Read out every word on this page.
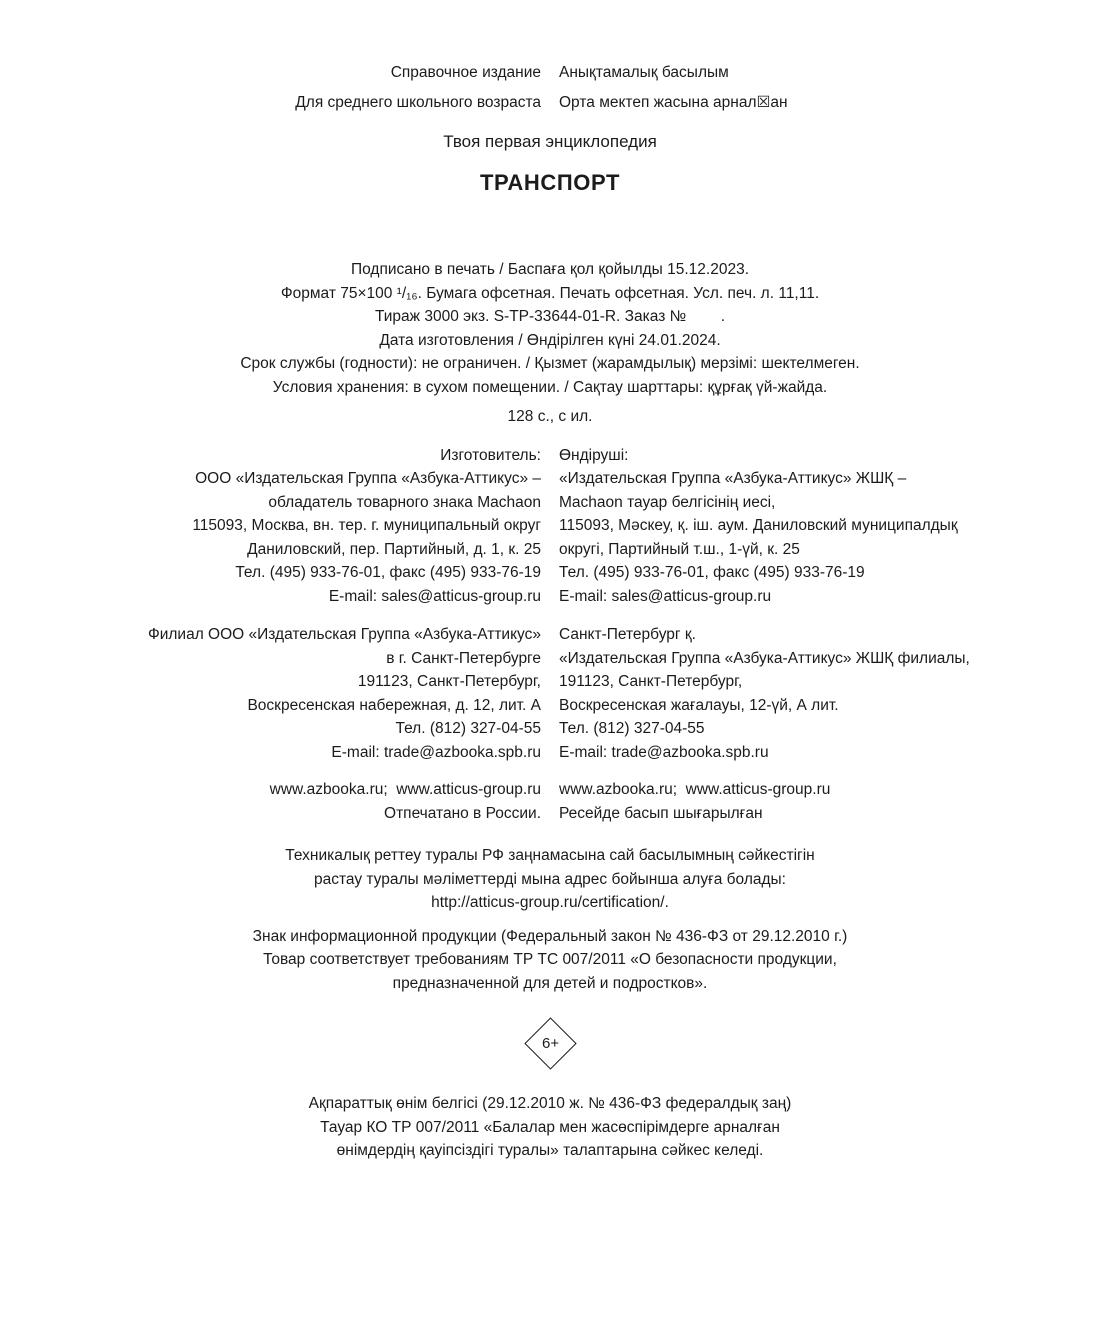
Справочное издание Анықтамалық басылым
Для среднего школьного возраста Орта мектеп жасына арнал☒ан
Твоя первая энциклопедия
ТРАНСПОРТ
Подписано в печать / Баспаға қол қойылды 15.12.2023.
Формат 75×100 ¹/₁₆. Бумага офсетная. Печать офсетная. Усл. печ. л. 11,11.
Тираж 3000 экз. S-TP-33644-01-R. Заказ №        .
Дата изготовления / Өндірілген күні 24.01.2024.
Срок службы (годности): не ограничен. / Қызмет (жарамдылық) мерзімі: шектелмеген.
Условия хранения: в сухом помещении. / Сақтау шарттары: құрғақ үй-жайда.
128 с., с ил.
Изготовитель:
ООО «Издательская Группа «Азбука-Аттикус» –
обладатель товарного знака Machaon
115093, Москва, вн. тер. г. муниципальный округ
Даниловский, пер. Партийный, д. 1, к. 25
Тел. (495) 933-76-01, факс (495) 933-76-19
E-mail: sales@atticus-group.ru
Өндіруші:
«Издательская Группа «Азбука-Аттикус» ЖШҚ –
Machaon тауар белгісінің иесі,
115093, Мәскеу, қ. іш. аум. Даниловский муниципалдық
округі, Партийный т.ш., 1-үй, к. 25
Тел. (495) 933-76-01, факс (495) 933-76-19
E-mail: sales@atticus-group.ru
Филиал ООО «Издательская Группа «Азбука-Аттикус»
в г. Санкт-Петербурге
191123, Санкт-Петербург,
Воскресенская набережная, д. 12, лит. А
Тел. (812) 327-04-55
E-mail: trade@azbooka.spb.ru
Санкт-Петербург қ.
«Издательская Группа «Азбука-Аттикус» ЖШҚ филиалы,
191123, Санкт-Петербург,
Воскресенская жағалауы, 12-үй, А лит.
Тел. (812) 327-04-55
E-mail: trade@azbooka.spb.ru
www.azbooka.ru;  www.atticus-group.ru
Отпечатано в России.
www.azbooka.ru;  www.atticus-group.ru
Ресейде басып шығарылған
Техникалық реттеу туралы РФ заңнамасына сай басылымның сәйкестігін
растау туралы мәліметтерді мына адрес бойынша алуға болады:
http://atticus-group.ru/certification/.
Знак информационной продукции (Федеральный закон № 436-ФЗ от 29.12.2010 г.)
Товар соответствует требованиям ТР ТС 007/2011 «О безопасности продукции,
предназначенной для детей и подростков».
6+
Ақпараттық өнім белгісі (29.12.2010 ж. № 436-ФЗ федералдық заң)
Тауар КО ТР 007/2011 «Балалар мен жасөспірімдерге арналған
өнімдердің қауіпсіздігі туралы» талаптарына сәйкес келеді.
